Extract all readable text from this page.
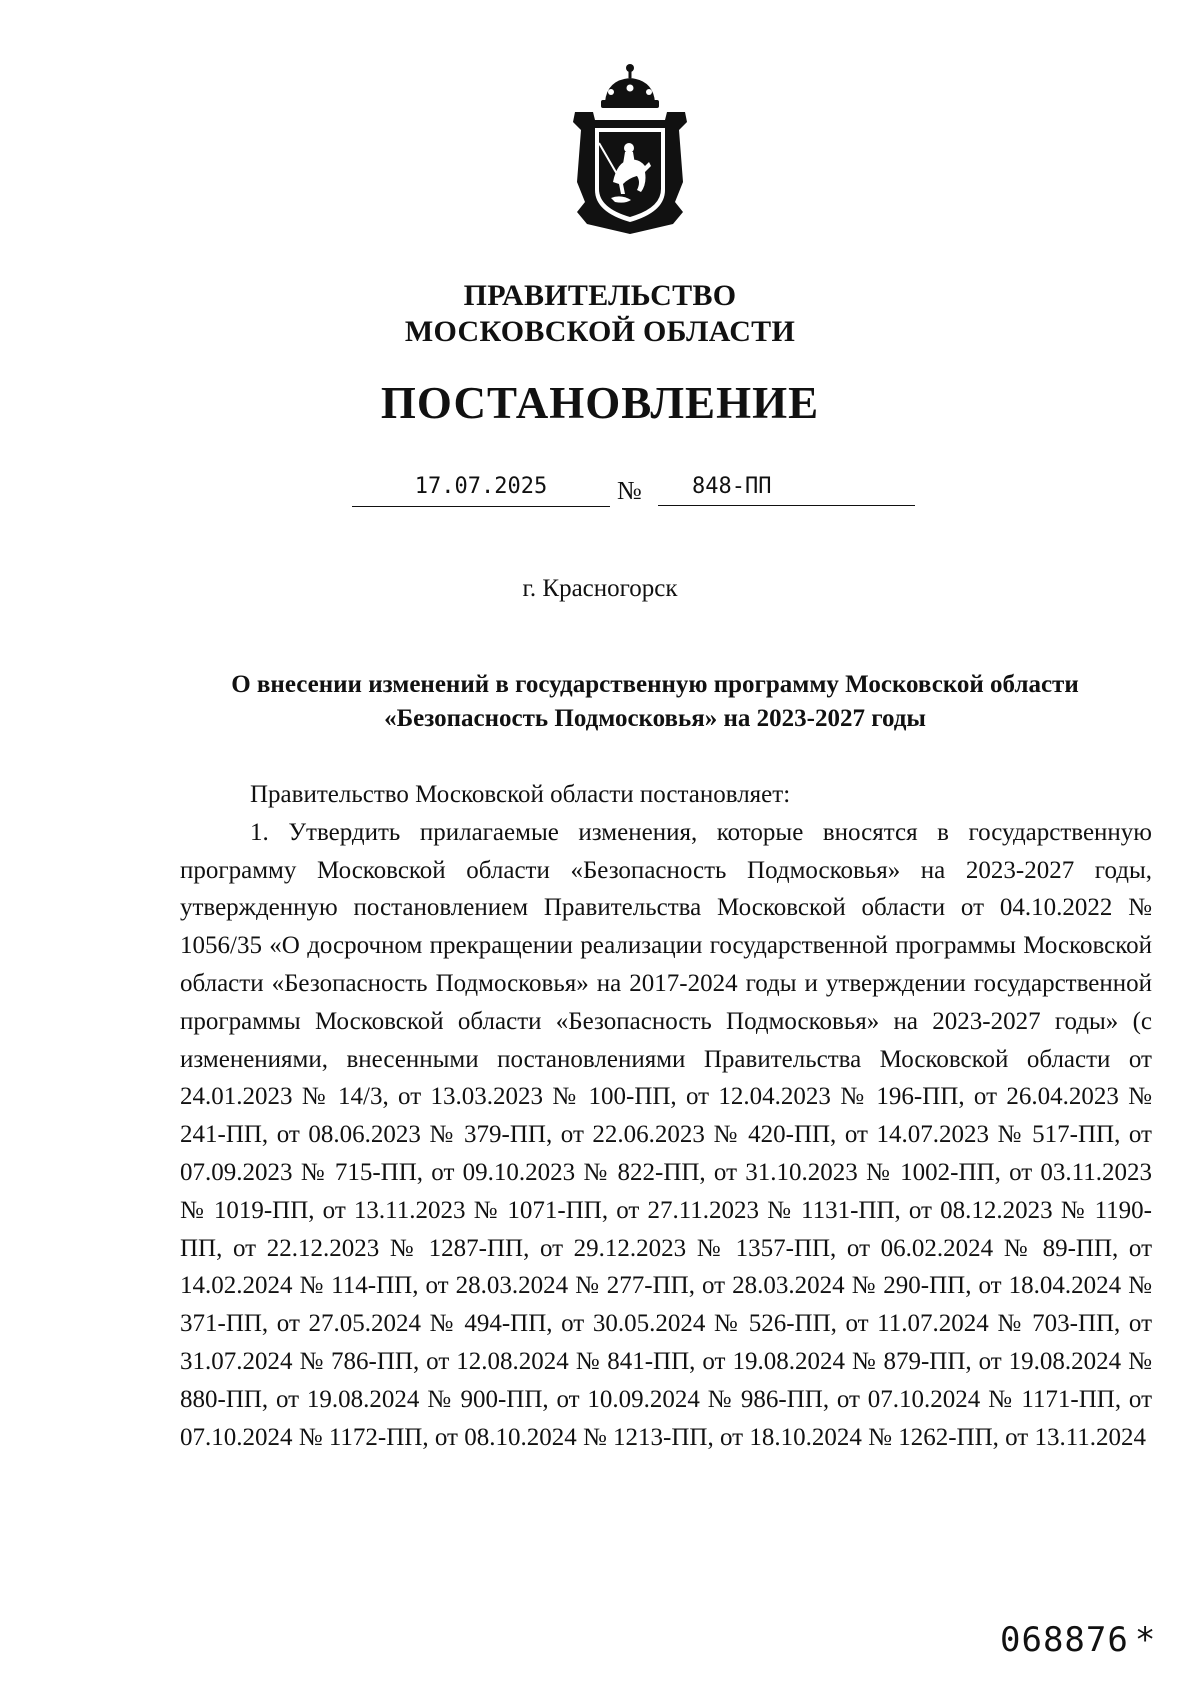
ПРАВИТЕЛЬСТВО
МОСКОВСКОЙ ОБЛАСТИ
ПОСТАНОВЛЕНИЕ
17.07.2025	№	848-ПП
г. Красногорск
О внесении изменений в государственную программу Московской области «Безопасность Подмосковья» на 2023-2027 годы

Правительство Московской области постановляет:

1. Утвердить прилагаемые изменения, которые вносятся в государственную программу Московской области «Безопасность Подмосковья» на 2023-2027 годы, утвержденную постановлением Правительства Московской области от 04.10.2022 № 1056/35 «О досрочном прекращении реализации государственной программы Московской области «Безопасность Подмосковья» на 2017-2024 годы и утверждении государственной программы Московской области «Безопасность Подмосковья» на 2023-2027 годы» (с изменениями, внесенными постановлениями Правительства Московской области от 24.01.2023 № 14/3, от 13.03.2023 № 100-ПП, от 12.04.2023 № 196-ПП, от 26.04.2023 № 241-ПП, от 08.06.2023 № 379-ПП, от 22.06.2023 № 420-ПП, от 14.07.2023 № 517-ПП, от 07.09.2023 № 715-ПП, от 09.10.2023 № 822-ПП, от 31.10.2023 № 1002-ПП, от 03.11.2023 № 1019-ПП, от 13.11.2023 № 1071-ПП, от 27.11.2023 № 1131-ПП, от 08.12.2023 № 1190-ПП, от 22.12.2023 № 1287-ПП, от 29.12.2023 № 1357-ПП, от 06.02.2024 № 89-ПП, от 14.02.2024 № 114-ПП, от 28.03.2024 № 277-ПП, от 28.03.2024 № 290-ПП, от 18.04.2024 № 371-ПП, от 27.05.2024 № 494-ПП, от 30.05.2024 № 526-ПП, от 11.07.2024 № 703-ПП, от 31.07.2024 № 786-ПП, от 12.08.2024 № 841-ПП, от 19.08.2024 № 879-ПП, от 19.08.2024 № 880-ПП, от 19.08.2024 № 900-ПП, от 10.09.2024 № 986-ПП, от 07.10.2024 № 1171-ПП, от 07.10.2024 № 1172-ПП, от 08.10.2024 № 1213-ПП, от 18.10.2024 № 1262-ПП, от 13.11.2024

068876 *
